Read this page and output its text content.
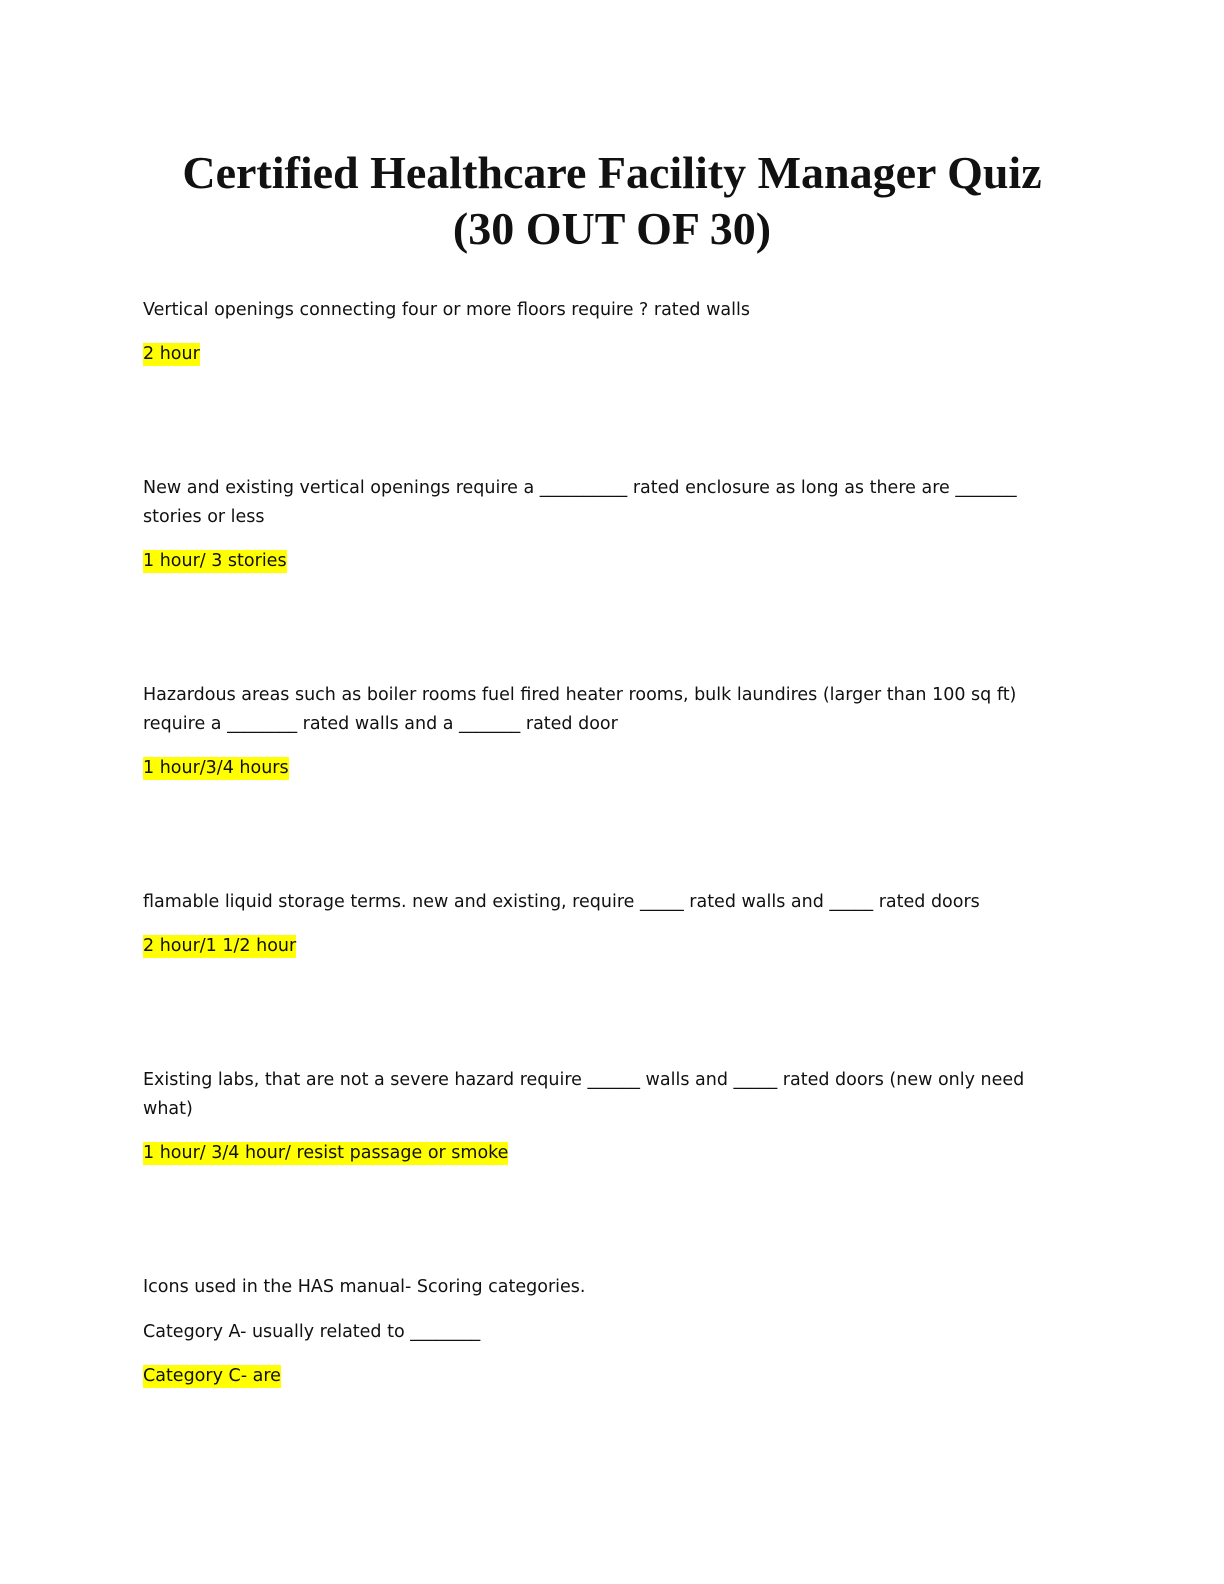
Certified Healthcare Facility Manager Quiz
(30 OUT OF 30)

Vertical openings connecting four or more floors require ? rated walls

2 hour

New and existing vertical openings require a __________ rated enclosure as long as there are _______ stories or less

1 hour/ 3 stories

Hazardous areas such as boiler rooms fuel fired heater rooms, bulk laundires (larger than 100 sq ft) require a ________ rated walls and a _______ rated door

1 hour/3/4 hours

flamable liquid storage terms. new and existing, require _____ rated walls and _____ rated doors

2 hour/1 1/2 hour

Existing labs, that are not a severe hazard require ______ walls and _____ rated doors (new only need what)

1 hour/ 3/4 hour/ resist passage or smoke

Icons used in the HAS manual- Scoring categories.

Category A- usually related to ________

Category C- are
